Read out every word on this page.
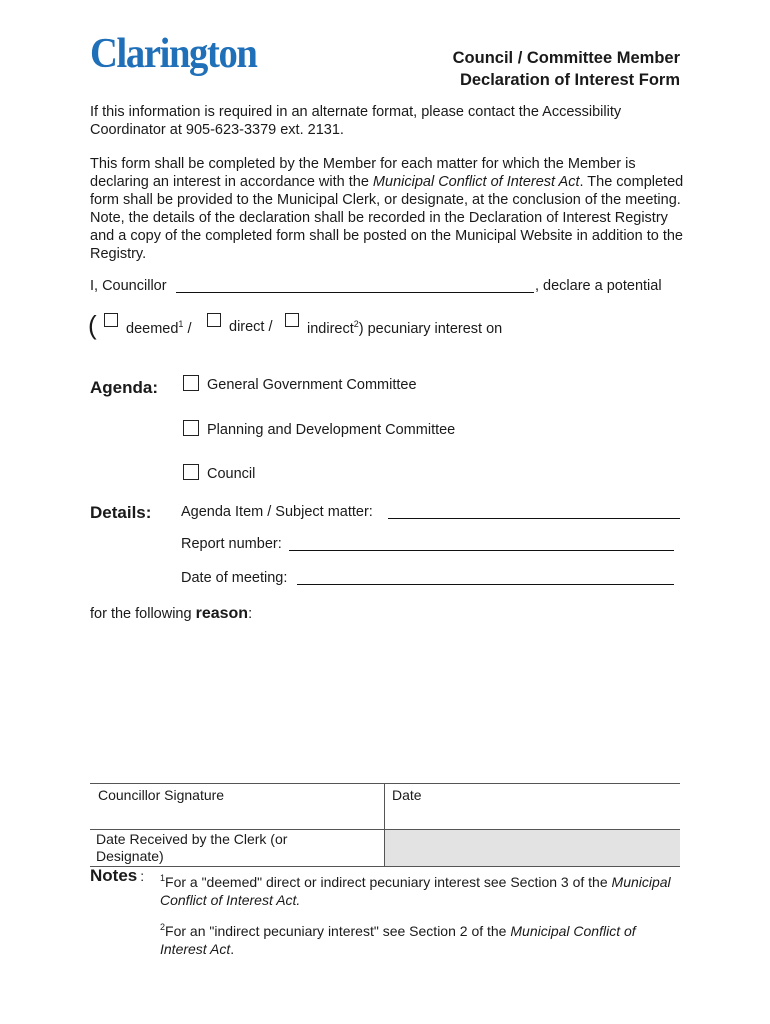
Clarington	Council / Committee Member
Declaration of Interest Form
If this information is required in an alternate format, please contact the Accessibility Coordinator at 905-623-3379 ext. 2131.
This form shall be completed by the Member for each matter for which the Member is declaring an interest in accordance with the Municipal Conflict of Interest Act. The completed form shall be provided to the Municipal Clerk, or designate, at the conclusion of the meeting. Note, the details of the declaration shall be recorded in the Declaration of Interest Registry and a copy of the completed form shall be posted on the Municipal Website in addition to the Registry.
I, Councillor	, declare a potential
( deemed$^1$ /	direct / indirect$^2$) pecuniary interest on
Agenda:	General Government Committee
Planning and Development Committee
Council
Details: Agenda Item / Subject matter:
Report number:
Date of meeting:
for the following reason:
Councillor Signature	Date
Date Received by the Clerk (or Designate)
Notes : $^1$For a "deemed" direct or indirect pecuniary interest see Section 3 of the Municipal Conflict of Interest Act.
$^2$For an "indirect pecuniary interest" see Section 2 of the Municipal Conflict of Interest Act.
